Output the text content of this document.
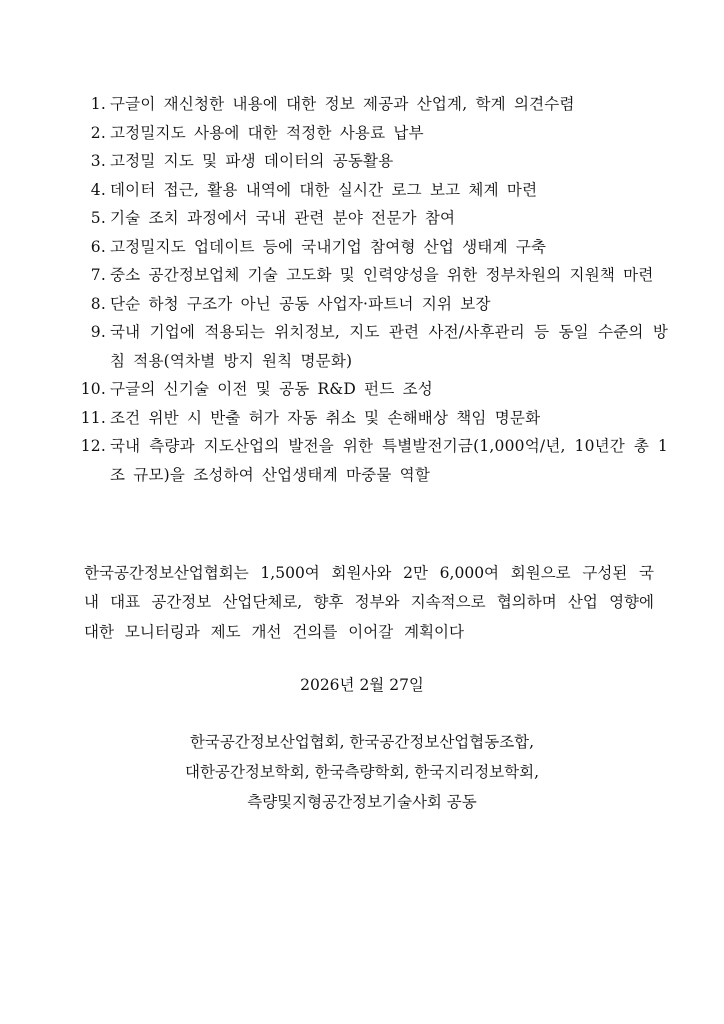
1. 구글이 재신청한 내용에 대한 정보 제공과 산업계, 학계 의견수렴
2. 고정밀지도 사용에 대한 적정한 사용료 납부
3. 고정밀 지도 및 파생 데이터의 공동활용
4. 데이터 접근, 활용 내역에 대한 실시간 로그 보고 체계 마련
5. 기술 조치 과정에서 국내 관련 분야 전문가 참여
6. 고정밀지도 업데이트 등에 국내기업 참여형 산업 생태계 구축
7. 중소 공간정보업체 기술 고도화 및 인력양성을 위한 정부차원의 지원책 마련
8. 단순 하청 구조가 아닌 공동 사업자·파트너 지위 보장
9. 국내 기업에 적용되는 위치정보, 지도 관련 사전/사후관리 등 동일 수준의 방침 적용(역차별 방지 원칙 명문화)
10. 구글의 신기술 이전 및 공동 R&D 펀드 조성
11. 조건 위반 시 반출 허가 자동 취소 및 손해배상 책임 명문화
12. 국내 측량과 지도산업의 발전을 위한 특별발전기금(1,000억/년, 10년간 총 1조 규모)을 조성하여 산업생태계 마중물 역할

한국공간정보산업협회는 1,500여 회원사와 2만 6,000여 회원으로 구성된 국내 대표 공간정보 산업단체로, 향후 정부와 지속적으로 협의하며 산업 영향에 대한 모니터링과 제도 개선 건의를 이어갈 계획이다

2026년 2월 27일
한국공간정보산업협회, 한국공간정보산업협동조합,
대한공간정보학회, 한국측량학회, 한국지리정보학회,
측량및지형공간정보기술사회 공동
